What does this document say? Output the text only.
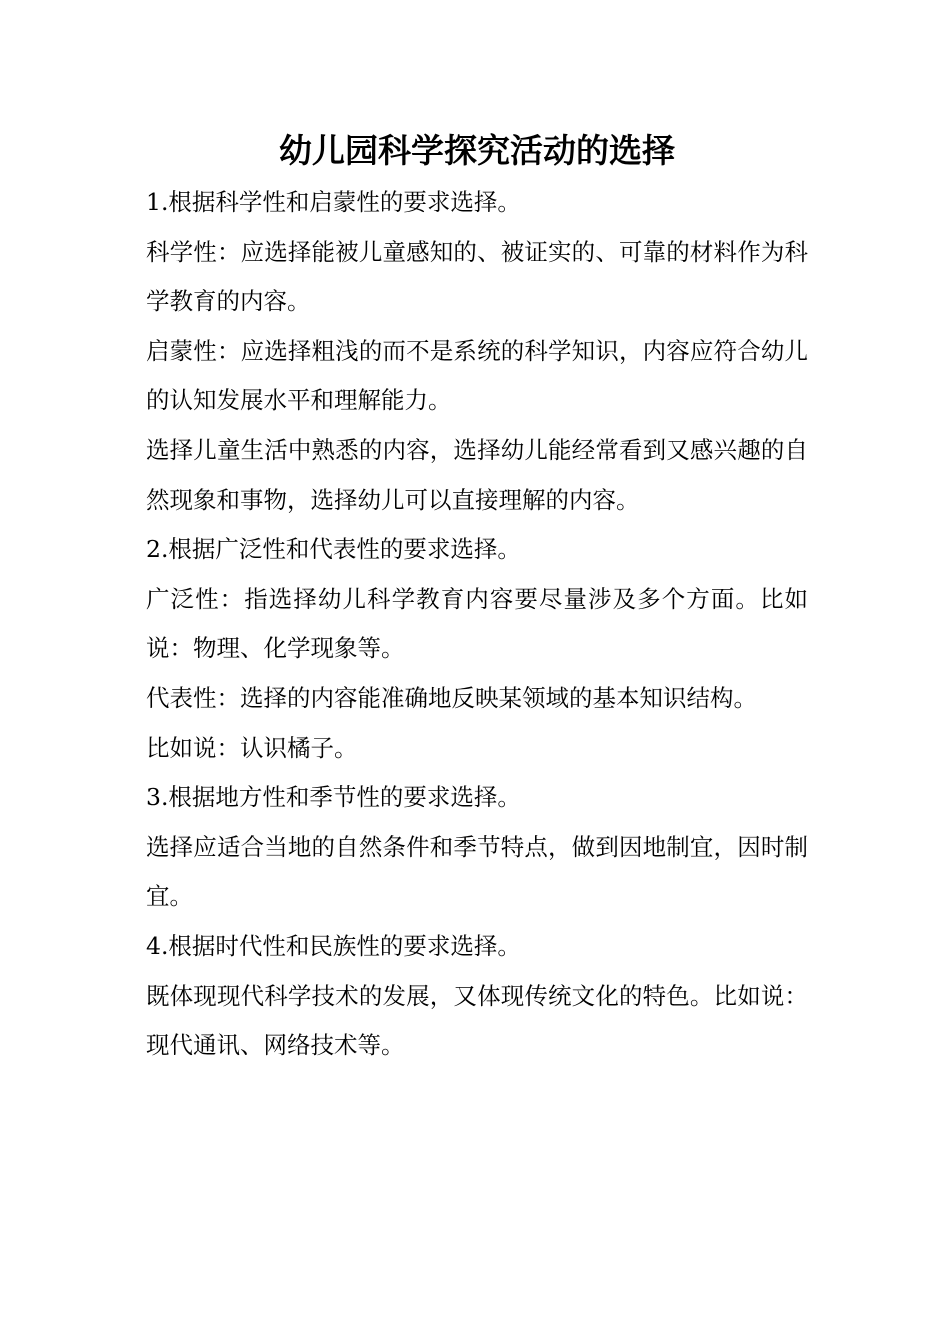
幼儿园科学探究活动的选择

1.根据科学性和启蒙性的要求选择。

科学性：应选择能被儿童感知的、被证实的、可靠的材料作为科学教育的内容。

启蒙性：应选择粗浅的而不是系统的科学知识，内容应符合幼儿的认知发展水平和理解能力。

选择儿童生活中熟悉的内容，选择幼儿能经常看到又感兴趣的自然现象和事物，选择幼儿可以直接理解的内容。

2.根据广泛性和代表性的要求选择。

广泛性：指选择幼儿科学教育内容要尽量涉及多个方面。比如说：物理、化学现象等。

代表性：选择的内容能准确地反映某领域的基本知识结构。

比如说：认识橘子。

3.根据地方性和季节性的要求选择。

选择应适合当地的自然条件和季节特点，做到因地制宜，因时制宜。

4.根据时代性和民族性的要求选择。

既体现现代科学技术的发展，又体现传统文化的特色。比如说：现代通讯、网络技术等。
